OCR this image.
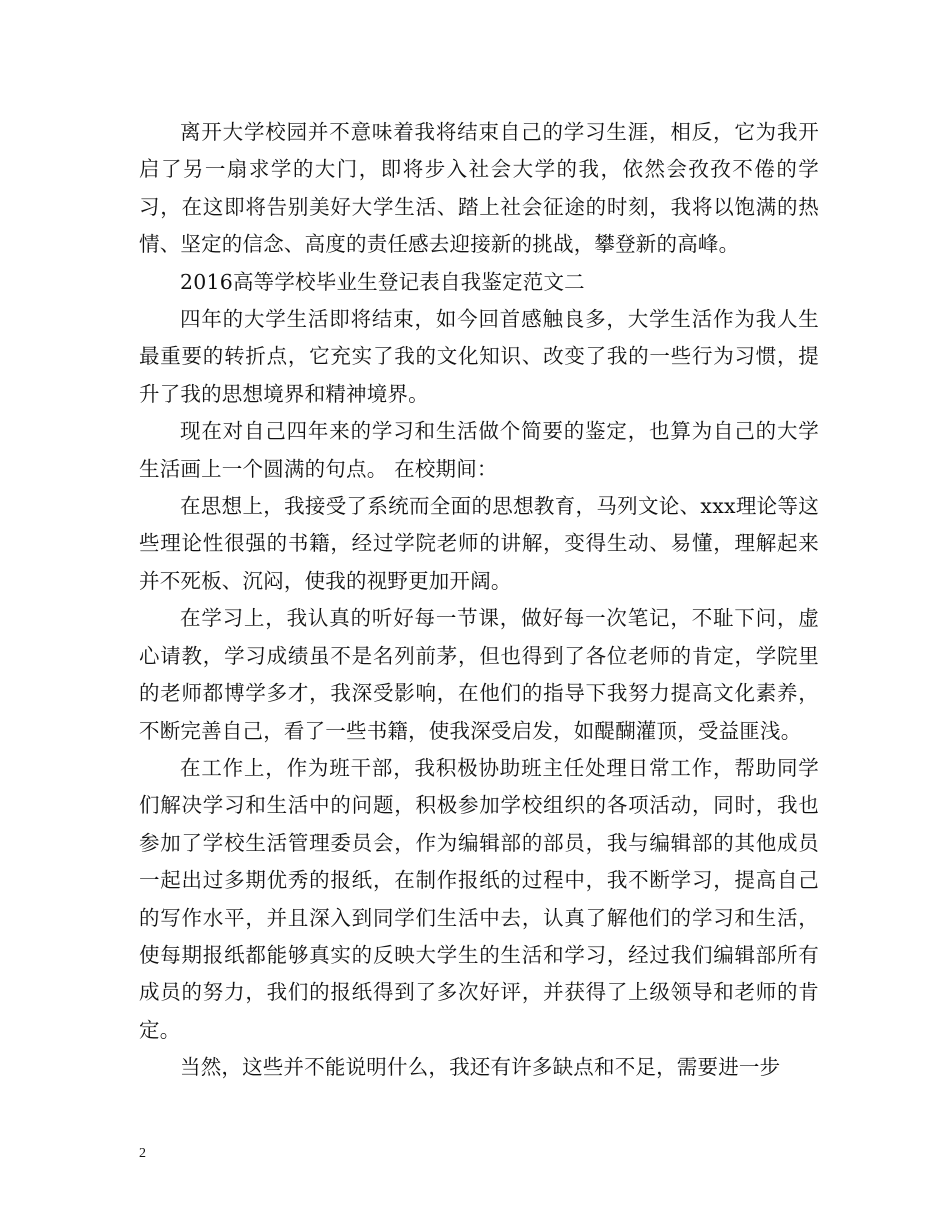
离开大学校园并不意味着我将结束自己的学习生涯，相反，它为我开启了另一扇求学的大门，即将步入社会大学的我，依然会孜孜不倦的学习，在这即将告别美好大学生活、踏上社会征途的时刻，我将以饱满的热情、坚定的信念、高度的责任感去迎接新的挑战，攀登新的高峰。

2016高等学校毕业生登记表自我鉴定范文二

四年的大学生活即将结束，如今回首感触良多，大学生活作为我人生最重要的转折点，它充实了我的文化知识、改变了我的一些行为习惯，提升了我的思想境界和精神境界。

现在对自己四年来的学习和生活做个简要的鉴定，也算为自己的大学生活画上一个圆满的句点。 在校期间：

在思想上，我接受了系统而全面的思想教育，马列文论、xxx理论等这些理论性很强的书籍，经过学院老师的讲解，变得生动、易懂，理解起来并不死板、沉闷，使我的视野更加开阔。

在学习上，我认真的听好每一节课，做好每一次笔记，不耻下问，虚心请教，学习成绩虽不是名列前茅，但也得到了各位老师的肯定，学院里的老师都博学多才，我深受影响，在他们的指导下我努力提高文化素养，不断完善自己，看了一些书籍，使我深受启发，如醍醐灌顶，受益匪浅。

在工作上，作为班干部，我积极协助班主任处理日常工作，帮助同学们解决学习和生活中的问题，积极参加学校组织的各项活动，同时，我也参加了学校生活管理委员会，作为编辑部的部员，我与编辑部的其他成员一起出过多期优秀的报纸，在制作报纸的过程中，我不断学习，提高自己的写作水平，并且深入到同学们生活中去，认真了解他们的学习和生活，使每期报纸都能够真实的反映大学生的生活和学习，经过我们编辑部所有成员的努力，我们的报纸得到了多次好评，并获得了上级领导和老师的肯定。

当然，这些并不能说明什么，我还有许多缺点和不足，需要进一步

2
